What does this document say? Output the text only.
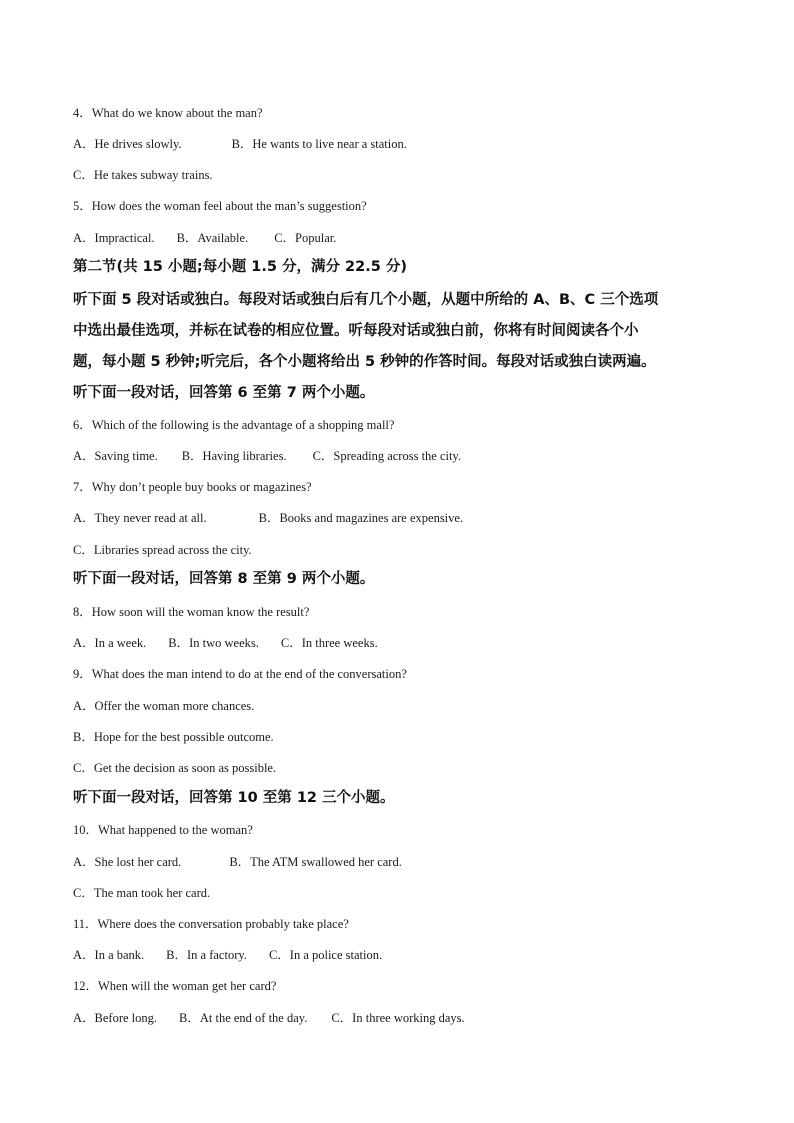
4．What do we know about the man?
A．He drives slowly.	B．He wants to live near a station.
C．He takes subway trains.
5．How does the woman feel about the man’s suggestion?
A．Impractical. B．Available. C．Popular.
第二节(共 15 小题;每小题 1.5 分，满分 22.5 分)
听下面 5 段对话或独白。每段对话或独白后有几个小题，从题中所给的 A、B、C 三个选项
中选出最佳选项，并标在试卷的相应位置。听每段对话或独白前，你将有时间阅读各个小
题，每小题 5 秒钟;听完后，各个小题将给出 5 秒钟的作答时间。每段对话或独白读两遍。
听下面一段对话，回答第 6 至第 7 两个小题。
6．Which of the following is the advantage of a shopping mall?
A．Saving time. B．Having libraries. C．Spreading across the city.
7．Why don’t people buy books or magazines?
A．They never read at all.	B．Books and magazines are expensive.
C．Libraries spread across the city.
听下面一段对话，回答第 8 至第 9 两个小题。
8．How soon will the woman know the result?
A．In a week. B．In two weeks. C．In three weeks.
9．What does the man intend to do at the end of the conversation?
A．Offer the woman more chances.
B．Hope for the best possible outcome.
C．Get the decision as soon as possible.
听下面一段对话，回答第 10 至第 12 三个小题。
10．What happened to the woman?
A．She lost her card.	B．The ATM swallowed her card.
C．The man took her card.
11．Where does the conversation probably take place?
A．In a bank. B．In a factory. C．In a police station.
12．When will the woman get her card?
A．Before long. B．At the end of the day. C．In three working days.
